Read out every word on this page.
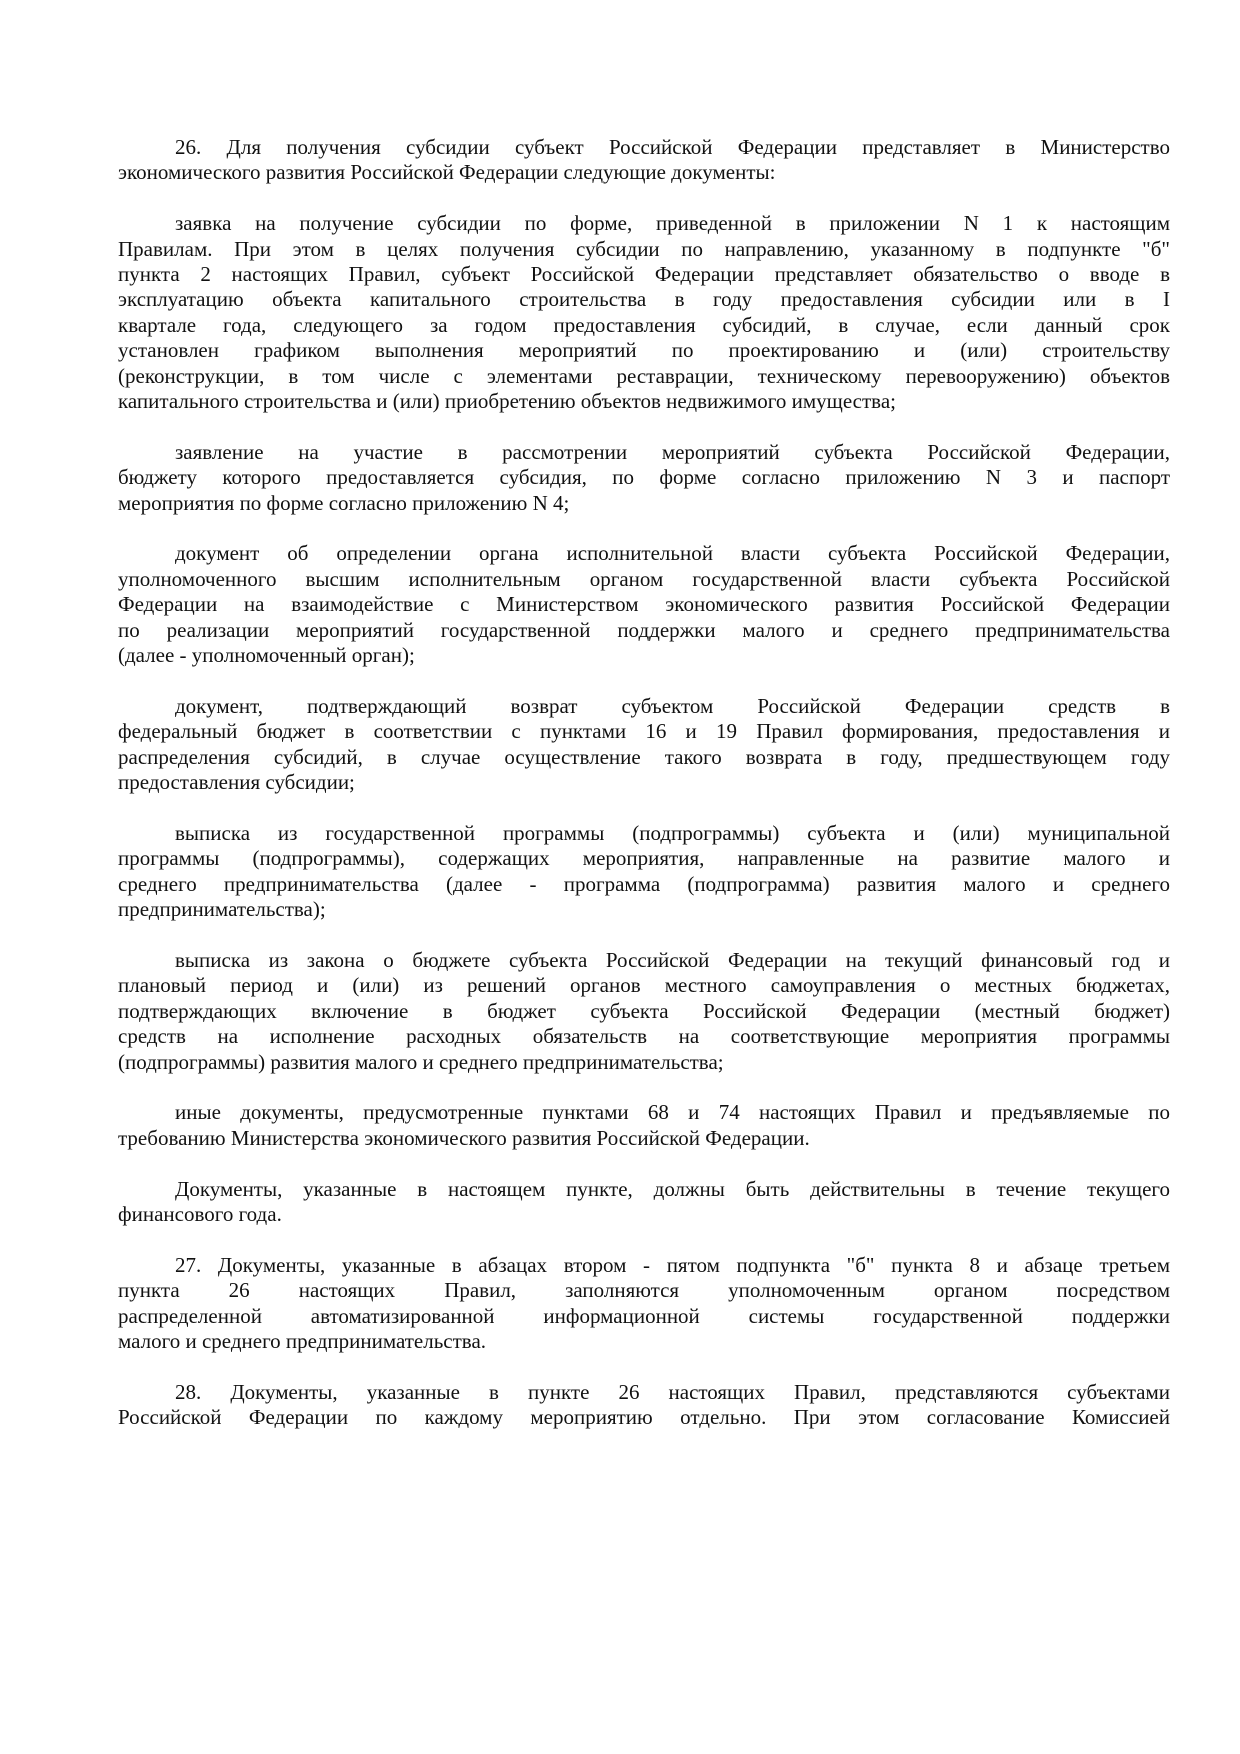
26. Для получения субсидии субъект Российской Федерации представляет в Министерство
экономического развития Российской Федерации следующие документы:
заявка на получение субсидии по форме, приведенной в приложении N 1 к настоящим
Правилам. При этом в целях получения субсидии по направлению, указанному в подпункте "б"
пункта 2 настоящих Правил, субъект Российской Федерации представляет обязательство о вводе в
эксплуатацию объекта капитального строительства в году предоставления субсидии или в I
квартале года, следующего за годом предоставления субсидий, в случае, если данный срок
установлен графиком выполнения мероприятий по проектированию и (или) строительству
(реконструкции, в том числе с элементами реставрации, техническому перевооружению) объектов
капитального строительства и (или) приобретению объектов недвижимого имущества;
заявление на участие в рассмотрении мероприятий субъекта Российской Федерации,
бюджету которого предоставляется субсидия, по форме согласно приложению N 3 и паспорт
мероприятия по форме согласно приложению N 4;
документ об определении органа исполнительной власти субъекта Российской Федерации,
уполномоченного высшим исполнительным органом государственной власти субъекта Российской
Федерации на взаимодействие с Министерством экономического развития Российской Федерации
по реализации мероприятий государственной поддержки малого и среднего предпринимательства
(далее - уполномоченный орган);
документ, подтверждающий возврат субъектом Российской Федерации средств в
федеральный бюджет в соответствии с пунктами 16 и 19 Правил формирования, предоставления и
распределения субсидий, в случае осуществление такого возврата в году, предшествующем году
предоставления субсидии;
выписка из государственной программы (подпрограммы) субъекта и (или) муниципальной
программы (подпрограммы), содержащих мероприятия, направленные на развитие малого и
среднего предпринимательства (далее - программа (подпрограмма) развития малого и среднего
предпринимательства);
выписка из закона о бюджете субъекта Российской Федерации на текущий финансовый год и
плановый период и (или) из решений органов местного самоуправления о местных бюджетах,
подтверждающих включение в бюджет субъекта Российской Федерации (местный бюджет)
средств на исполнение расходных обязательств на соответствующие мероприятия программы
(подпрограммы) развития малого и среднего предпринимательства;
иные документы, предусмотренные пунктами 68 и 74 настоящих Правил и предъявляемые по
требованию Министерства экономического развития Российской Федерации.
Документы, указанные в настоящем пункте, должны быть действительны в течение текущего
финансового года.
27. Документы, указанные в абзацах втором - пятом подпункта "б" пункта 8 и абзаце третьем
пункта 26 настоящих Правил, заполняются уполномоченным органом посредством
распределенной автоматизированной информационной системы государственной поддержки
малого и среднего предпринимательства.
28. Документы, указанные в пункте 26 настоящих Правил, представляются субъектами
Российской Федерации по каждому мероприятию отдельно. При этом согласование Комиссией
